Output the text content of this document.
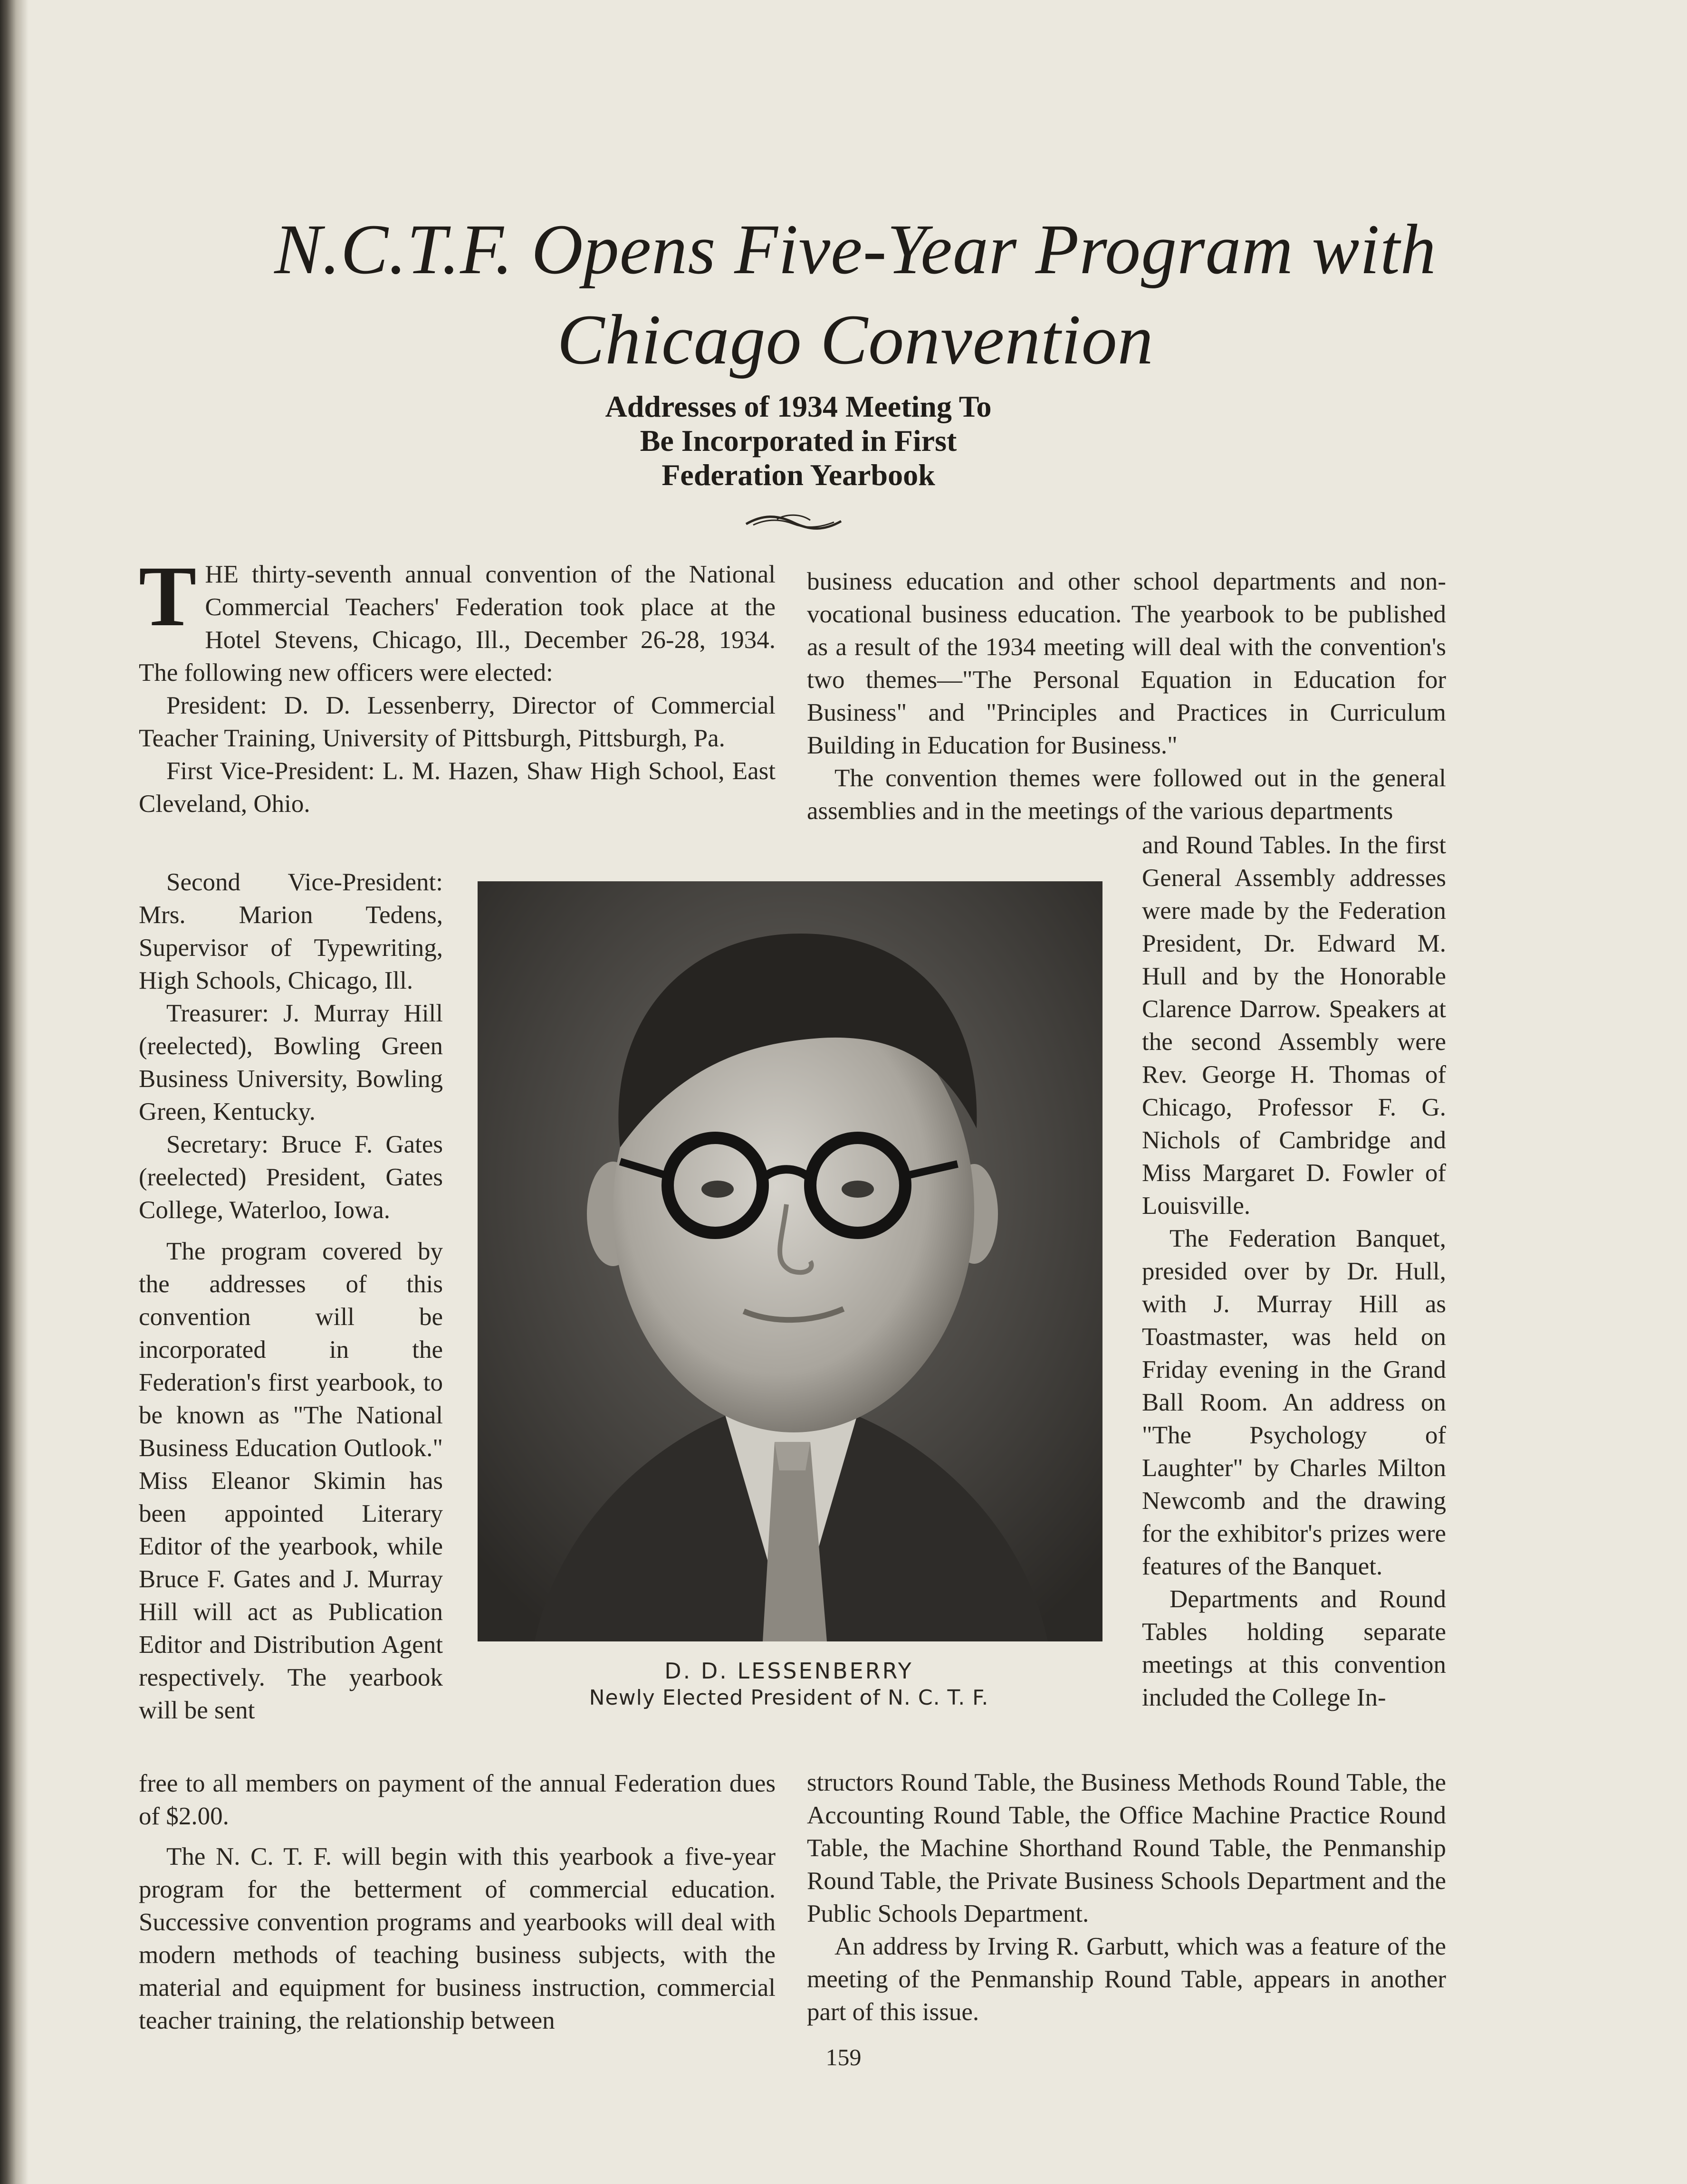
N.C.T.F. Opens Five-Year Program with
Chicago Convention
Addresses of 1934 Meeting To Be Incorporated in First Federation Yearbook

THE thirty-seventh annual convention of the National Commercial Teachers' Federation took place at the Hotel Stevens, Chicago, Ill., December 26-28, 1934. The following new officers were elected:

President: D. D. Lessenberry, Director of Commercial Teacher Training, University of Pittsburgh, Pittsburgh, Pa.

First Vice-President: L. M. Hazen, Shaw High School, East Cleveland, Ohio.

Second Vice-President: Mrs. Marion Tedens, Supervisor of Typewriting, High Schools, Chicago, Ill.

Treasurer: J. Murray Hill (reelected), Bowling Green Business University, Bowling Green, Kentucky.

Secretary: Bruce F. Gates (reelected) President, Gates College, Waterloo, Iowa.

The program covered by the addresses of this convention will be incorporated in the Federation's first yearbook, to be known as "The National Business Education Outlook." Miss Eleanor Skimin has been appointed Literary Editor of the yearbook, while Bruce F. Gates and J. Murray Hill will act as Publication Editor and Distribution Agent respectively. The yearbook will be sent

free to all members on payment of the annual Federation dues of $2.00.

The N. C. T. F. will begin with this yearbook a five-year program for the betterment of commercial education. Successive convention programs and yearbooks will deal with modern methods of teaching business subjects, with the material and equipment for business instruction, commercial teacher training, the relationship between

business education and other school departments and non-vocational business education. The yearbook to be published as a result of the 1934 meeting will deal with the convention's two themes—"The Personal Equation in Education for Business" and "Principles and Practices in Curriculum Building in Education for Business."

The convention themes were followed out in the general assemblies and in the meetings of the various departments

and Round Tables. In the first General Assembly addresses were made by the Federation President, Dr. Edward M. Hull and by the Honorable Clarence Darrow. Speakers at the second Assembly were Rev. George H. Thomas of Chicago, Professor F. G. Nichols of Cambridge and Miss Margaret D. Fowler of Louisville.

The Federation Banquet, presided over by Dr. Hull, with J. Murray Hill as Toastmaster, was held on Friday evening in the Grand Ball Room. An address on "The Psychology of Laughter" by Charles Milton Newcomb and the drawing for the exhibitor's prizes were features of the Banquet.

Departments and Round Tables holding separate meetings at this convention included the College In-

structors Round Table, the Business Methods Round Table, the Accounting Round Table, the Office Machine Practice Round Table, the Machine Shorthand Round Table, the Penmanship Round Table, the Private Business Schools Department and the Public Schools Department.

An address by Irving R. Garbutt, which was a feature of the meeting of the Penmanship Round Table, appears in another part of this issue.

D. D. LESSENBERRY
Newly Elected President of N. C. T. F.
159
